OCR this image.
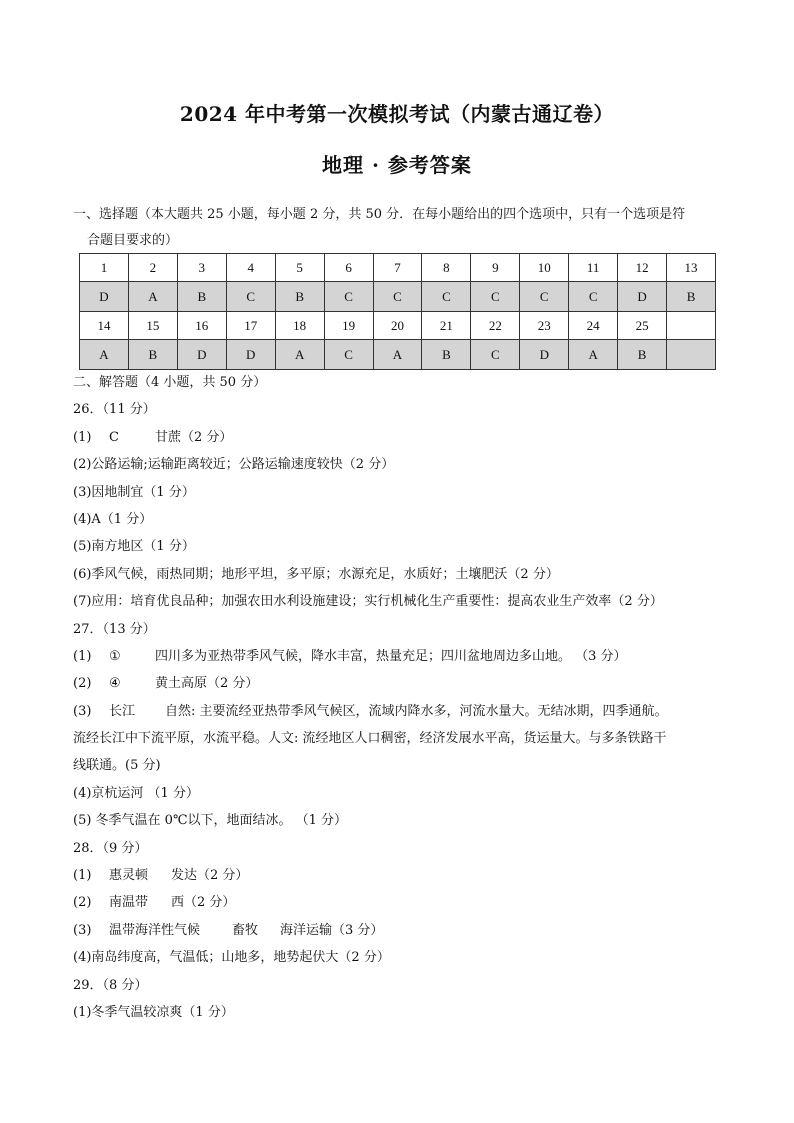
2024 年中考第一次模拟考试（内蒙古通辽卷）
地理 · 参考答案
一、选择题（本大题共 25 小题，每小题 2 分，共 50 分．在每小题给出的四个选项中，只有一个选项是符
合题目要求的）
1	2	3	4	5	6	7	8	9	10	11	12	13
D	A	B	C	B	C	C	C	C	C	C	D	B
14	15	16	17	18	19	20	21	22	23	24	25	
A	B	D	D	A	C	A	B	C	D	A	B	
二、解答题（4 小题，共 50 分）
26．（11 分）
(1) C	甘蔗（2 分）
(2)公路运输;运输距离较近；公路运输速度较快（2 分）
(3)因地制宜（1 分）
(4)A（1 分）
(5)南方地区（1 分）
(6)季风气候，雨热同期；地形平坦，多平原；水源充足，水质好；土壤肥沃（2 分）
(7)应用：培育优良品种；加强农田水利设施建设；实行机械化生产重要性：提高农业生产效率（2 分）
27．（13 分）
(1) ①	四川多为亚热带季风气候，降水丰富，热量充足；四川盆地周边多山地。 （3 分）
(2) ④	黄土高原（2 分）
(3) 长江 自然: 主要流经亚热带季风气候区，流域内降水多，河流水量大。无结冰期，四季通航。
流经长江中下流平原，水流平稳。人文: 流经地区人口稠密，经济发展水平高，货运量大。与多条铁路干
线联通。(5 分)
(4)京杭运河 （1 分）
(5) 冬季气温在 0℃以下，地面结冰。 （1 分）
28．（9 分）
(1) 惠灵顿 发达（2 分）
(2) 南温带 西（2 分）
(3) 温带海洋性气候 畜牧 海洋运输（3 分）
(4)南岛纬度高，气温低；山地多，地势起伏大（2 分）
29．（8 分）
(1)冬季气温较凉爽（1 分）
